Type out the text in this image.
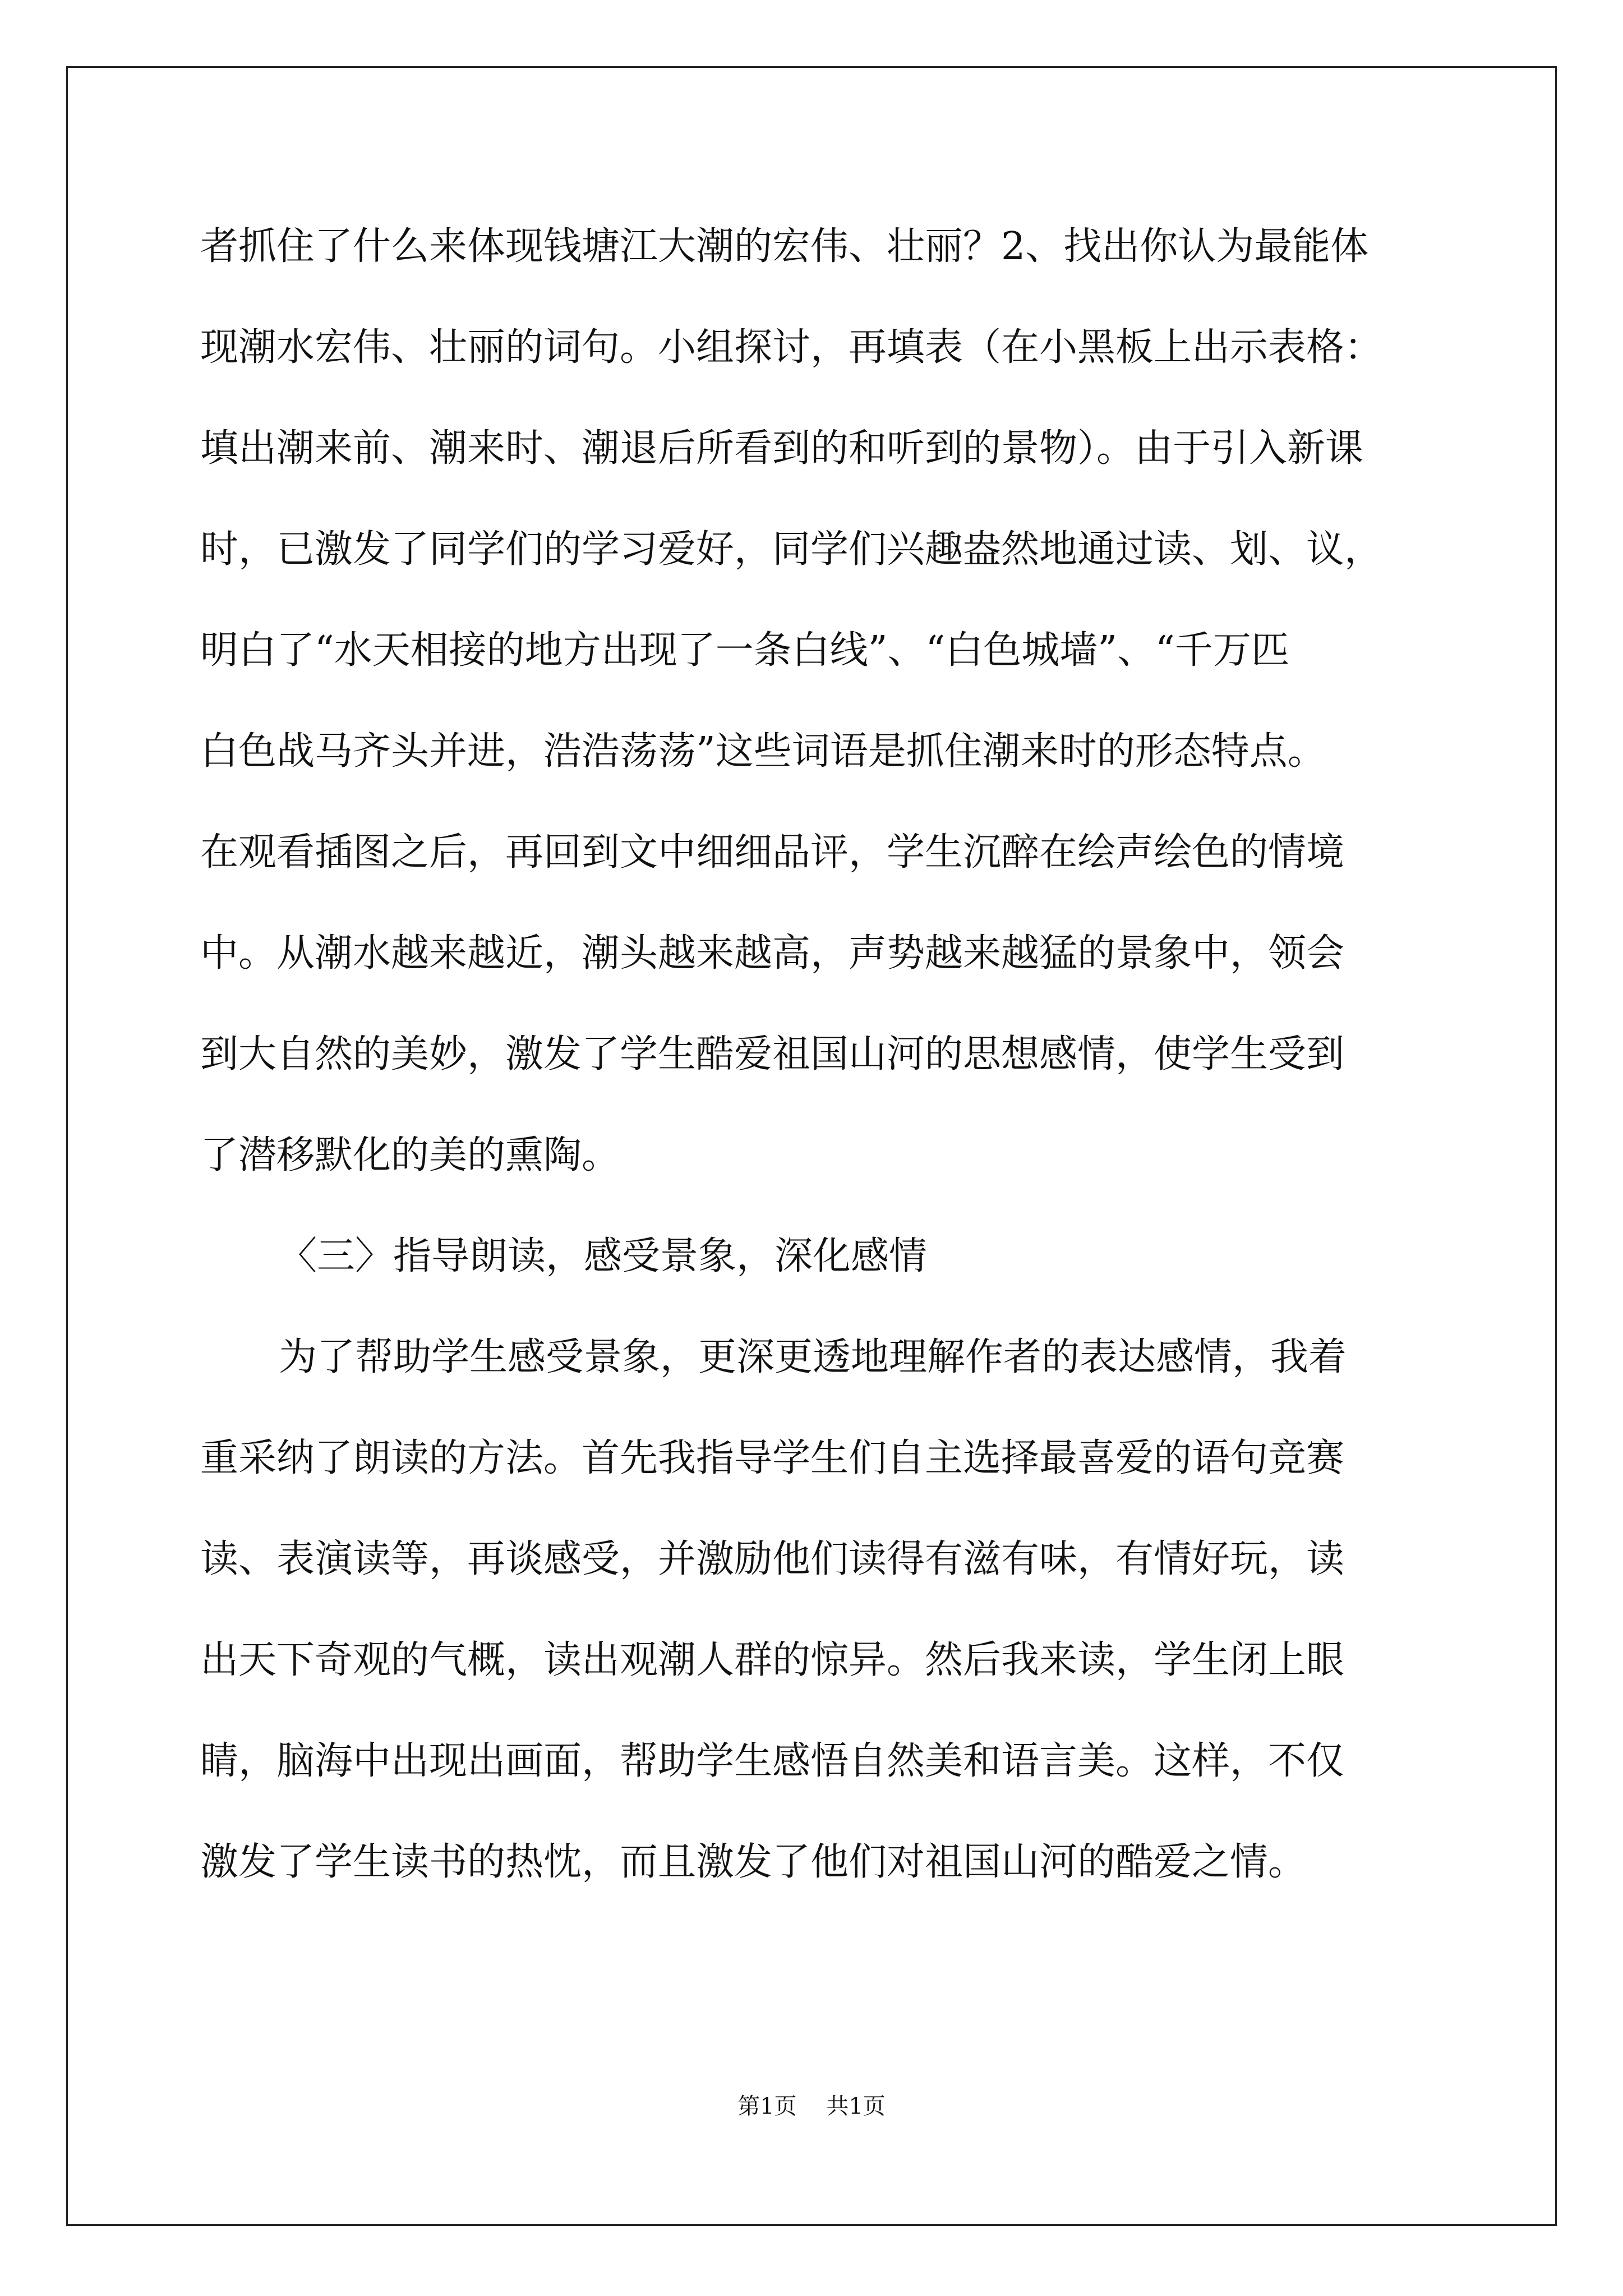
者抓住了什么来体现钱塘江大潮的宏伟、壮丽？2、找出你认为最能体
现潮水宏伟、壮丽的词句。小组探讨，再填表（在小黑板上出示表格：
填出潮来前、潮来时、潮退后所看到的和听到的景物）。由于引入新课
时，已激发了同学们的学习爱好，同学们兴趣盎然地通过读、划、议，
明白了“水天相接的地方出现了一条白线”、“白色城墙”、“千万匹
白色战马齐头并进，浩浩荡荡”这些词语是抓住潮来时的形态特点。
在观看插图之后，再回到文中细细品评，学生沉醉在绘声绘色的情境
中。从潮水越来越近，潮头越来越高，声势越来越猛的景象中，领会
到大自然的美妙，激发了学生酷爱祖国山河的思想感情，使学生受到
了潜移默化的美的熏陶。
〈三〉指导朗读，感受景象，深化感情
为了帮助学生感受景象，更深更透地理解作者的表达感情，我着
重采纳了朗读的方法。首先我指导学生们自主选择最喜爱的语句竞赛
读、表演读等，再谈感受，并激励他们读得有滋有味，有情好玩，读
出天下奇观的气概，读出观潮人群的惊异。然后我来读，学生闭上眼
睛，脑海中出现出画面，帮助学生感悟自然美和语言美。这样，不仅
激发了学生读书的热忱，而且激发了他们对祖国山河的酷爱之情。
第1页 共1页
